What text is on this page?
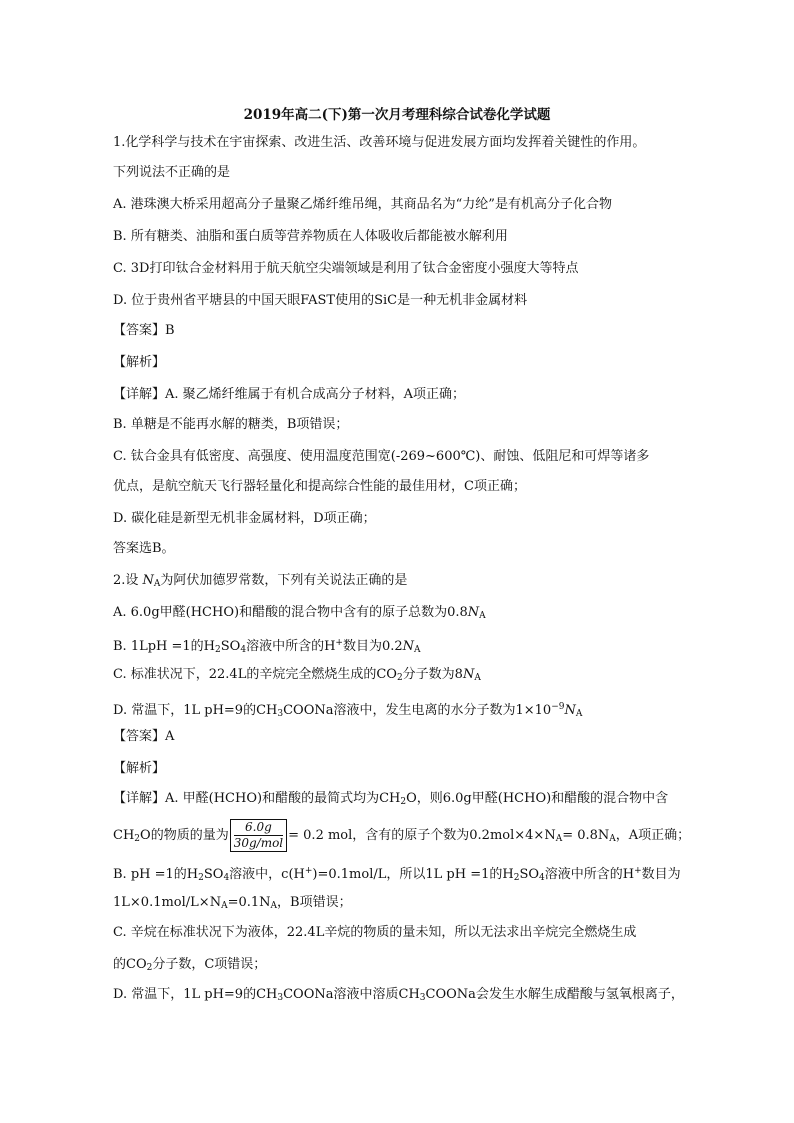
2019年高二(下)第一次月考理科综合试卷化学试题
1.化学科学与技术在宇宙探索、改进生活、改善环境与促进发展方面均发挥着关键性的作用。
下列说法不正确的是
A. 港珠澳大桥采用超高分子量聚乙烯纤维吊绳，其商品名为“力纶”是有机高分子化合物
B. 所有糖类、油脂和蛋白质等营养物质在人体吸收后都能被水解利用
C. 3D打印钛合金材料用于航天航空尖端领域是利用了钛合金密度小强度大等特点
D. 位于贵州省平塘县的中国天眼FAST使用的SiC是一种无机非金属材料
【答案】B
【解析】
【详解】A. 聚乙烯纤维属于有机合成高分子材料，A项正确；
B. 单糖是不能再水解的糖类，B项错误；
C. 钛合金具有低密度、高强度、使用温度范围宽(-269~600℃)、耐蚀、低阻尼和可焊等诸多
优点，是航空航天飞行器轻量化和提高综合性能的最佳用材，C项正确；
D. 碳化硅是新型无机非金属材料，D项正确；
答案选B。
2.设 $N_A$为阿伏加德罗常数，下列有关说法正确的是
A. 6.0g甲醛(HCHO)和醋酸的混合物中含有的原子总数为$0.8N_A$
B. 1LpH =1的$H_2SO_4$溶液中所含的H+数目为$0.2N_A$
C. 标准状况下，22.4L的辛烷完全燃烧生成的$CO_2$分子数为$8N_A$
D. 常温下，1L pH=9的$CH_3COONa$溶液中，发生电离的水分子数为$1\times 10^{-9}N_A$
【答案】A
【解析】
【详解】A. 甲醛(HCHO)和醋酸的最简式均为$CH_2O$，则6.0g甲醛(HCHO)和醋酸的混合物中含
$CH_2O$的物质的量为 $\frac{6.0g}{\text{30g/mol}} = 0.2$ mol，含有的原子个数为$0.2mol\times 4\times N_A= 0.8N_A$，A项正确；
B. pH =1的$H_2SO_4$溶液中，c(H+)=0.1mol/L，所以1L pH =1的$H_2SO_4$溶液中所含的H+数目为
$1L\times 0.1mol/L\times N_A=0.1N_A$，B项错误；
C. 辛烷在标准状况下为液体，22.4L辛烷的物质的量未知，所以无法求出辛烷完全燃烧生成
的$CO_2$分子数，C项错误；
D. 常温下，1L pH=9的$CH_3COONa$溶液中溶质$CH_3COONa$会发生水解生成醋酸与氢氧根离子，
